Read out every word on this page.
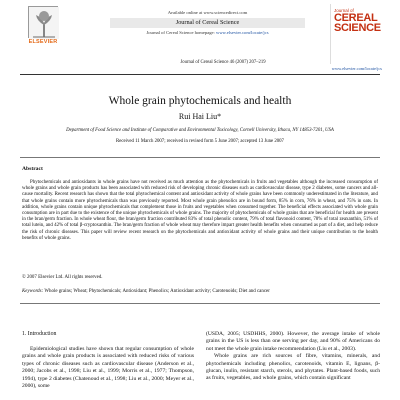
ELSEVIER
Available online at www.sciencedirect.com
Journal of Cereal Science
Journal of Cereal Science homepage: www.elsevier.com/locate/jcs
Journal of
CEREAL
SCIENCE
www.elsevier.com/locate/jcs
Journal of Cereal Science 46 (2007) 207–219
Whole grain phytochemicals and health
Rui Hai Liu*
Department of Food Science and Institute of Comparative and Environmental Toxicology, Cornell University, Ithaca, NY 14853-7201, USA
Received 11 March 2007; received in revised form 5 June 2007; accepted 13 June 2007
Abstract
Phytochemicals and antioxidants in whole grains have not received as much attention as the phytochemicals in fruits and vegetables although the increased consumption of whole grains and whole grain products has been associated with reduced risk of developing chronic diseases such as cardiovascular disease, type 2 diabetes, some cancers and all-cause mortality. Recent research has shown that the total phytochemical content and antioxidant activity of whole grains have been commonly underestimated in the literature, and that whole grains contain more phytochemicals than was previously reported. Most whole grain phenolics are in bound form, 85% in corn, 76% in wheat, and 75% in oats. In addition, whole grains contain unique phytochemicals that complement those in fruits and vegetables when consumed together. The beneficial effects associated with whole grain consumption are in part due to the existence of the unique phytochemicals of whole grains. The majority of phytochemicals of whole grains that are beneficial for health are present in the bran/germ fraction. In whole wheat flour, the bran/germ fraction contributed 83% of total phenolic content, 79% of total flavonoid content, 78% of total zeaxanthin, 51% of total lutein, and 42% of total β-cryptoxanthin. The bran/germ fraction of whole wheat may therefore impart greater health benefits when consumed as part of a diet, and help reduce the risk of chronic diseases. This paper will review recent research on the phytochemicals and antioxidant activity of whole grains and their unique contribution to the health benefits of whole grains.
© 2007 Elsevier Ltd. All rights reserved.
Keywords: Whole grains; Wheat; Phytochemicals; Antioxidant; Phenolics; Antioxidant activity; Carotenoids; Diet and cancer
1. Introduction
Epidemiological studies have shown that regular consumption of whole grains and whole grain products is associated with reduced risks of various types of chronic diseases such as cardiovascular disease (Anderson et al., 2000; Jacobs et al., 1998; Liu et al., 1999; Morris et al., 1977; Thompson, 1994), type 2 diabetes (Chatenoud et al., 1998; Liu et al., 2000; Meyer et al., 2000), some
(USDA, 2005; USDHHS, 2000). However, the average intake of whole grains in the US is less than one serving per day, and 90% of Americans do not meet the whole grain intake recommendation (Liu et al., 2003).
Whole grains are rich sources of fibre, vitamins, minerals, and phytochemicals including phenolics, carotenoids, vitamin E, lignans, β-glucan, inulin, resistant starch, sterols, and phytates. Plant-based foods, such as fruits, vegetables, and whole grains, which contain significant
